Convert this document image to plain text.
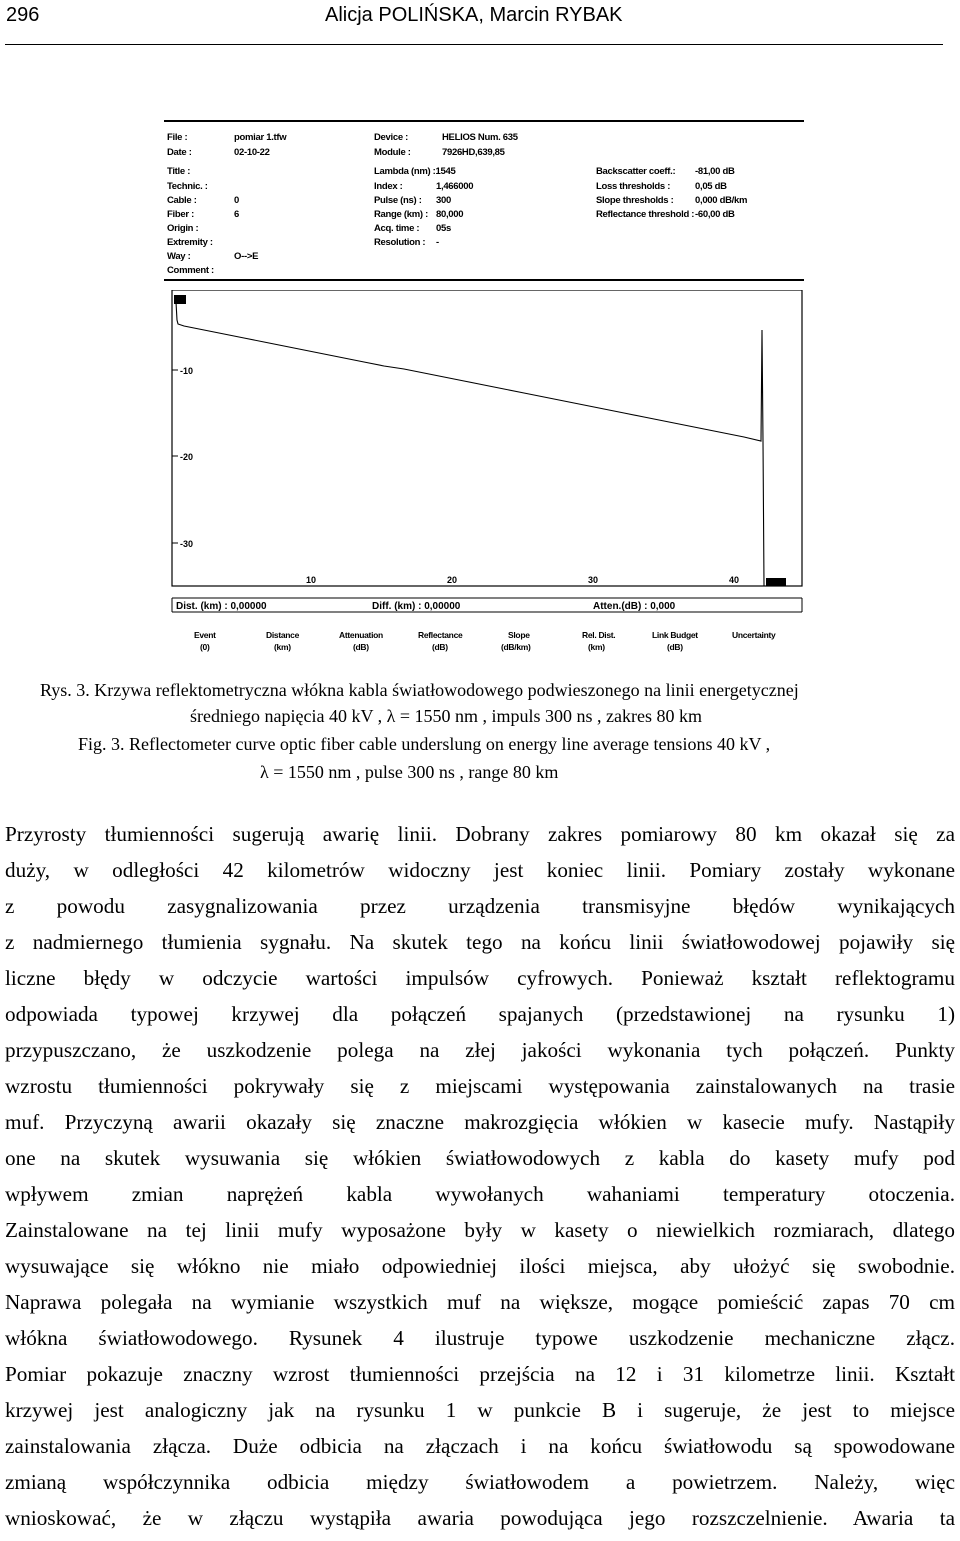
296	Alicja POLIŃSKA, Marcin RYBAK
File :	pomiar 1.tfw
Date :	02-10-22
Title :
Technic. :
Cable :	0
Fiber :	6
Origin :
Extremity :
Way :	O-->E
Comment :
Device :	HELIOS Num. 635
Module :	7926HD,639,85
Lambda (nm) :1545
Index :	1,466000
Pulse (ns) : 300
Range (km) : 80,000
Acq. time : 05s
Resolution : -
Backscatter coeff.: -81,00 dB
Loss thresholds :	0,05 dB
Slope thresholds : 0,000 dB/km
Reflectance threshold : -60,00 dB
-10
-20
-30
10	20	30	40
Dist. (km) : 0,00000	Diff. (km) : 0,00000	Atten.(dB) : 0,000
Event
(0)
Distance
(km)
Attenuation
(dB)
Reflectance
(dB)
Slope
(dB/km)
Rel. Dist.
(km)
Link Budget
(dB)
Uncertainty
Rys. 3. Krzywa reflektometryczna włókna kabla światłowodowego podwieszonego na linii energetycznej
średniego napięcia 40 kV , λ = 1550 nm , impuls 300 ns , zakres 80 km
Fig. 3. Reflectometer curve optic fiber cable underslung on energy line average tensions 40 kV ,
λ = 1550 nm , pulse 300 ns , range 80 km
Przyrosty tłumienności sugerują awarię linii. Dobrany zakres pomiarowy 80 km okazał się za
duży, w odległości 42 kilometrów widoczny jest koniec linii. Pomiary zostały wykonane
z powodu zasygnalizowania przez urządzenia transmisyjne błędów wynikających
z nadmiernego tłumienia sygnału. Na skutek tego na końcu linii światłowodowej pojawiły się
liczne błędy w odczycie wartości impulsów cyfrowych. Ponieważ kształt reflektogramu
odpowiada typowej krzywej dla połączeń spajanych (przedstawionej na rysunku 1)
przypuszczano, że uszkodzenie polega na złej jakości wykonania tych połączeń. Punkty
wzrostu tłumienności pokrywały się z miejscami występowania zainstalowanych na trasie
muf. Przyczyną awarii okazały się znaczne makrozgięcia włókien w kasecie mufy. Nastąpiły
one na skutek wysuwania się włókien światłowodowych z kabla do kasety mufy pod
wpływem zmian naprężeń kabla wywołanych wahaniami temperatury otoczenia.
Zainstalowane na tej linii mufy wyposażone były w kasety o niewielkich rozmiarach, dlatego
wysuwające się włókno nie miało odpowiedniej ilości miejsca, aby ułożyć się swobodnie.
Naprawa polegała na wymianie wszystkich muf na większe, mogące pomieścić zapas 70 cm
włókna światłowodowego. Rysunek 4 ilustruje typowe uszkodzenie mechaniczne złącz.
Pomiar pokazuje znaczny wzrost tłumienności przejścia na 12 i 31 kilometrze linii. Kształt
krzywej jest analogiczny jak na rysunku 1 w punkcie B i sugeruje, że jest to miejsce
zainstalowania złącza. Duże odbicia na złączach i na końcu światłowodu są spowodowane
zmianą współczynnika odbicia między światłowodem a powietrzem. Należy, więc
wnioskować, że w złączu wystąpiła awaria powodująca jego rozszczelnienie. Awaria ta
